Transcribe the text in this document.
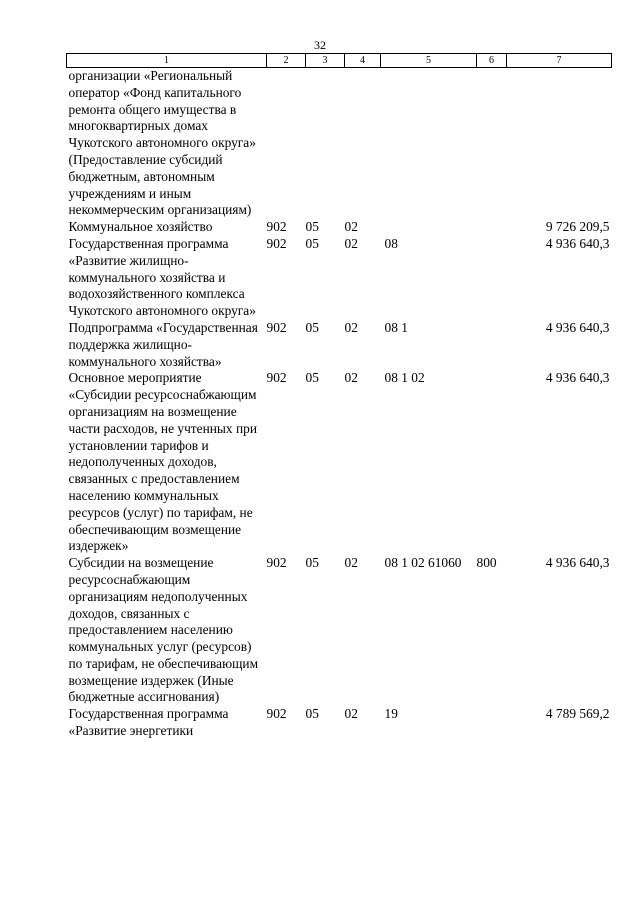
32
1	2	3	4	5	6	7
организации «Региональный оператор «Фонд капитального ремонта общего имущества в многоквартирных домах Чукотского автономного округа» (Предоставление субсидий бюджетным, автономным учреждениям и иным некоммерческим организациям)						
Коммунальное хозяйство	902	05	02			9 726 209,5
Государственная программа «Развитие жилищно-коммунального хозяйства и водохозяйственного комплекса Чукотского автономного округа»	902	05	02	08		4 936 640,3
Подпрограмма «Государственная поддержка жилищно-коммунального хозяйства»	902	05	02	08 1		4 936 640,3
Основное мероприятие «Субсидии ресурсоснабжающим организациям на возмещение части расходов, не учтенных при установлении тарифов и недополученных доходов, связанных с предоставлением населению коммунальных ресурсов (услуг) по тарифам, не обеспечивающим возмещение издержек»	902	05	02	08 1 02		4 936 640,3
Субсидии на возмещение ресурсоснабжающим организациям недополученных доходов, связанных с предоставлением населению коммунальных услуг (ресурсов) по тарифам, не обеспечивающим возмещение издержек (Иные бюджетные ассигнования)	902	05	02	08 1 02 61060	800	4 936 640,3
Государственная программа «Развитие энергетики	902	05	02	19		4 789 569,2
